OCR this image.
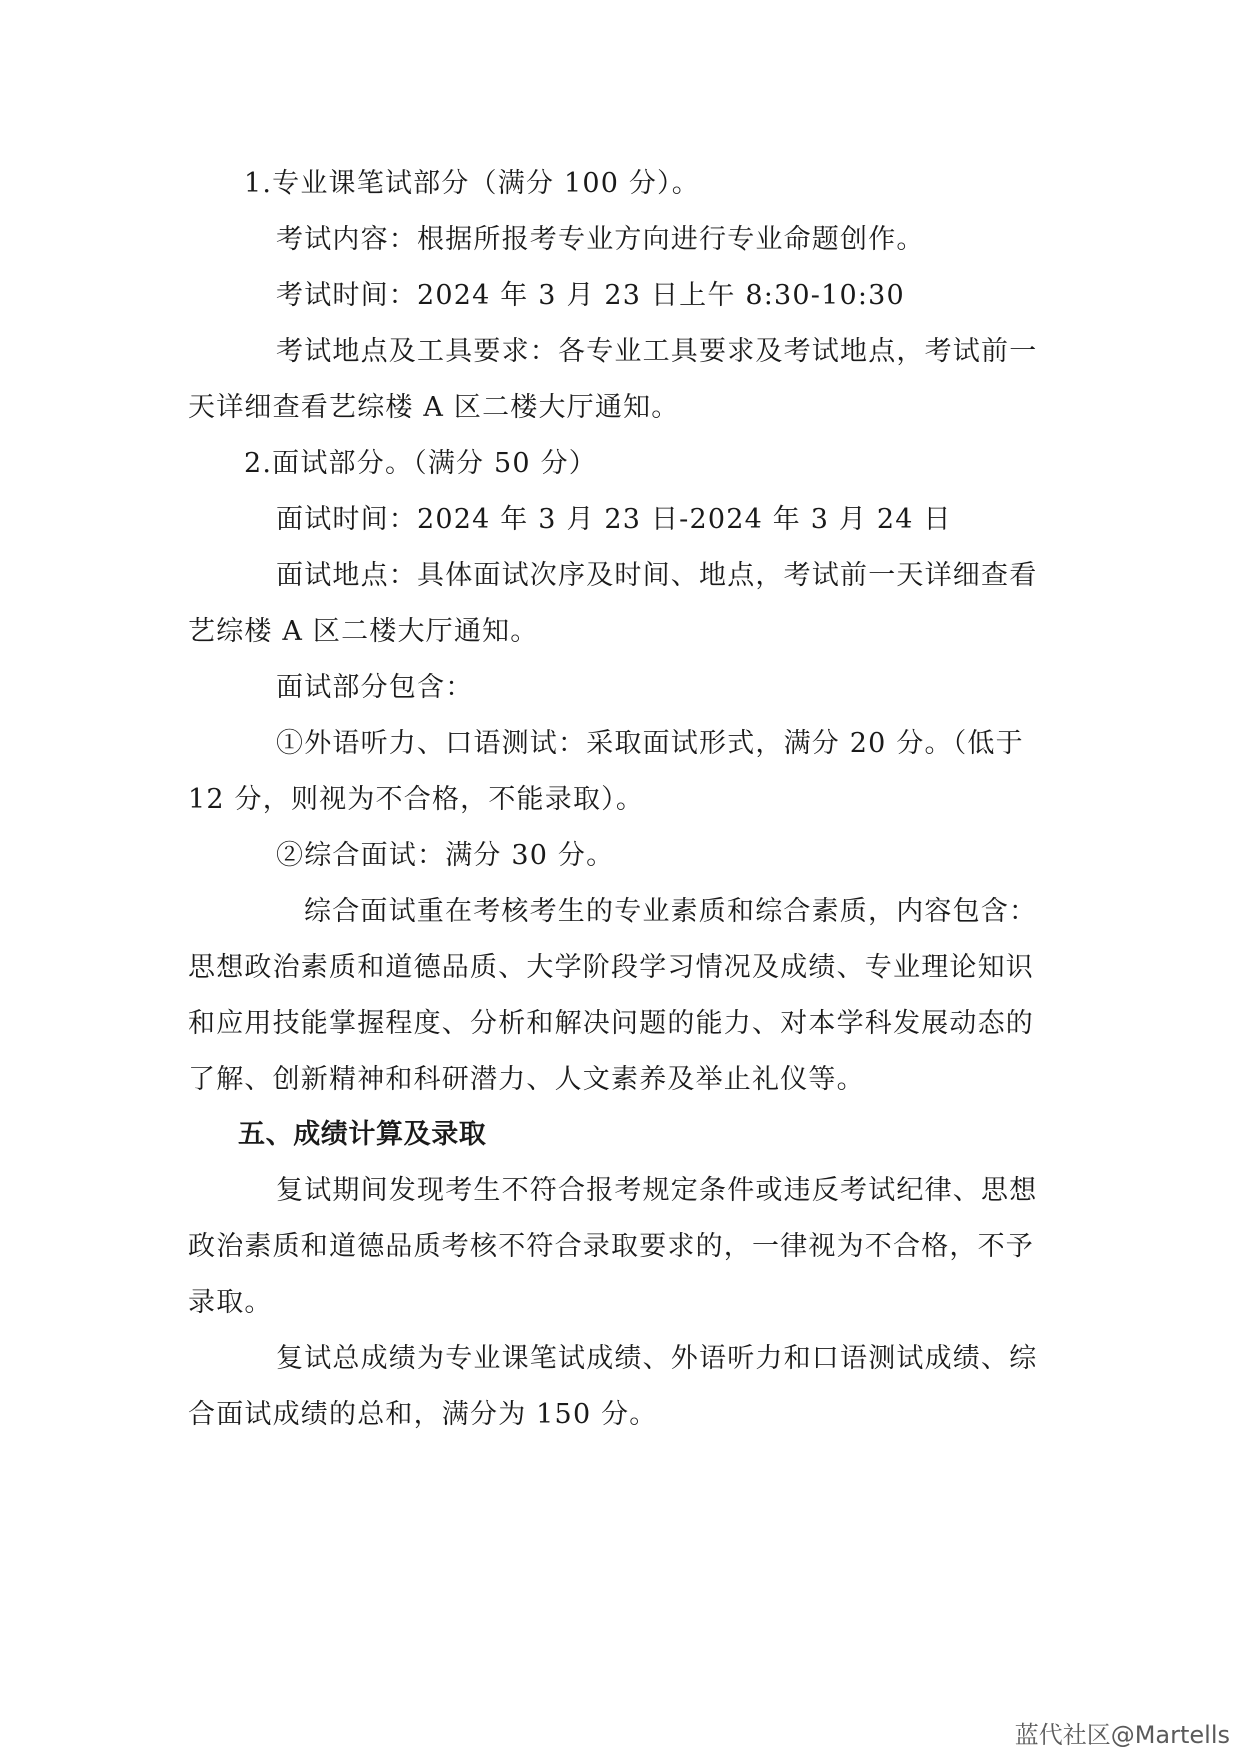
1.专业课笔试部分（满分 100 分）。
考试内容：根据所报考专业方向进行专业命题创作。
考试时间：2024 年 3 月 23 日上午 8:30-10:30
考试地点及工具要求：各专业工具要求及考试地点，考试前一
天详细查看艺综楼 A 区二楼大厅通知。
2.面试部分。（满分 50 分）
面试时间：2024 年 3 月 23 日-2024 年 3 月 24 日
面试地点：具体面试次序及时间、地点，考试前一天详细查看
艺综楼 A 区二楼大厅通知。
面试部分包含：
①外语听力、口语测试：采取面试形式，满分 20 分。（低于
12 分，则视为不合格，不能录取）。
②综合面试：满分 30 分。
综合面试重在考核考生的专业素质和综合素质，内容包含：
思想政治素质和道德品质、大学阶段学习情况及成绩、专业理论知识
和应用技能掌握程度、分析和解决问题的能力、对本学科发展动态的
了解、创新精神和科研潜力、人文素养及举止礼仪等。
五、成绩计算及录取
复试期间发现考生不符合报考规定条件或违反考试纪律、思想
政治素质和道德品质考核不符合录取要求的，一律视为不合格，不予
录取。
复试总成绩为专业课笔试成绩、外语听力和口语测试成绩、综
合面试成绩的总和，满分为 150 分。
蓝代社区@Martells
